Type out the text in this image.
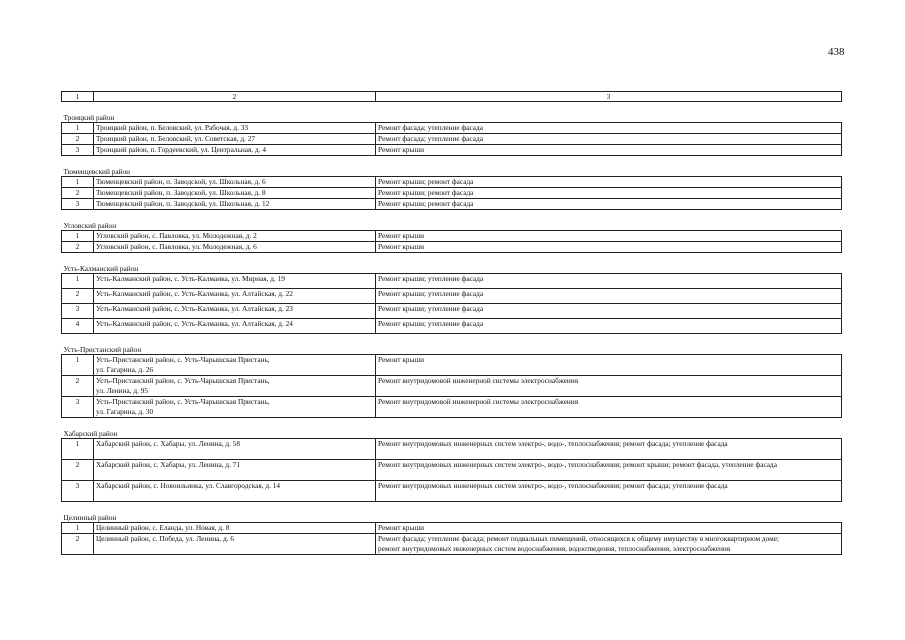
438
1	2	3
Троицкий район		
1	Троицкий район, п. Беловский, ул. Рабочая, д. 33	Ремонт фасада; утепление фасада

2	Троицкий район, п. Беловский, ул. Советская, д. 27	Ремонт фасада; утепление фасада

3	Троицкий район, п. Гордеевский, ул. Центральная, д. 4	Ремонт крыши

Тюменцевский район		
1	Тюменцевский район, п. Заводской, ул. Школьная, д. 6	Ремонт крыши; ремонт фасада

2	Тюменцевский район, п. Заводской, ул. Школьная, д. 8	Ремонт крыши; ремонт фасада

3	Тюменцевский район, п. Заводской, ул. Школьная, д. 12	Ремонт крыши; ремонт фасада

Угловский район		
1	Угловский район, с. Павловка, ул. Молодежная, д. 2	Ремонт крыши

2	Угловский район, с. Павловка, ул. Молодежная, д. 6	Ремонт крыши

Усть-Калманский район		
1	Усть-Калманский район, с. Усть-Калманка, ул. Мирная, д. 19	Ремонт крыши; утепление фасада

2	Усть-Калманский район, с. Усть-Калманка, ул. Алтайская, д. 22	Ремонт крыши; утепление фасада

3	Усть-Калманский район, с. Усть-Калманка, ул. Алтайская, д. 23	Ремонт крыши; утепление фасада

4	Усть-Калманский район, с. Усть-Калманка, ул. Алтайская, д. 24	Ремонт крыши; утепление фасада

Усть-Пристанский район		
1	Усть-Пристанский район, с. Усть-Чарышская Пристань,
ул. Гагарина, д. 26	Ремонт крыши

2	Усть-Пристанский район, с. Усть-Чарышская Пристань,
ул. Ленина, д. 95	Ремонт внутридомовой инженерной системы электроснабжения

3	Усть-Пристанский район, с. Усть-Чарышская Пристань,
ул. Гагарина, д. 30	Ремонт внутридомовой инженерной системы электроснабжения

Хабарский район		
1	Хабарский район, с. Хабары, ул. Ленина, д. 58	Ремонт внутридомовых инженерных систем электро-, водо-, теплоснабжения; ремонт фасада; утепление фасада

2	Хабарский район, с. Хабары, ул. Ленина, д. 71	Ремонт внутридомовых инженерных систем электро-, водо-, теплоснабжения; ремонт крыши; ремонт фасада, утепление фасада

3	Хабарский район, с. Новоильинка, ул. Славгородская, д. 14	Ремонт внутридомовых инженерных систем электро-, водо-, теплоснабжения; ремонт фасада; утепление фасада

Целинный район		
1	Целинный район, с. Еланда, ул. Новая, д. 8	Ремонт крыши

2	Целинный район, с. Победа, ул. Ленина, д. 6	Ремонт фасада; утепление фасада; ремонт подвальных помещений, относящихся к общему имуществу в многоквартирном доме;
ремонт внутридомовых инженерных систем водоснабжения, водоотведения, теплоснабжения, электроснабжения
